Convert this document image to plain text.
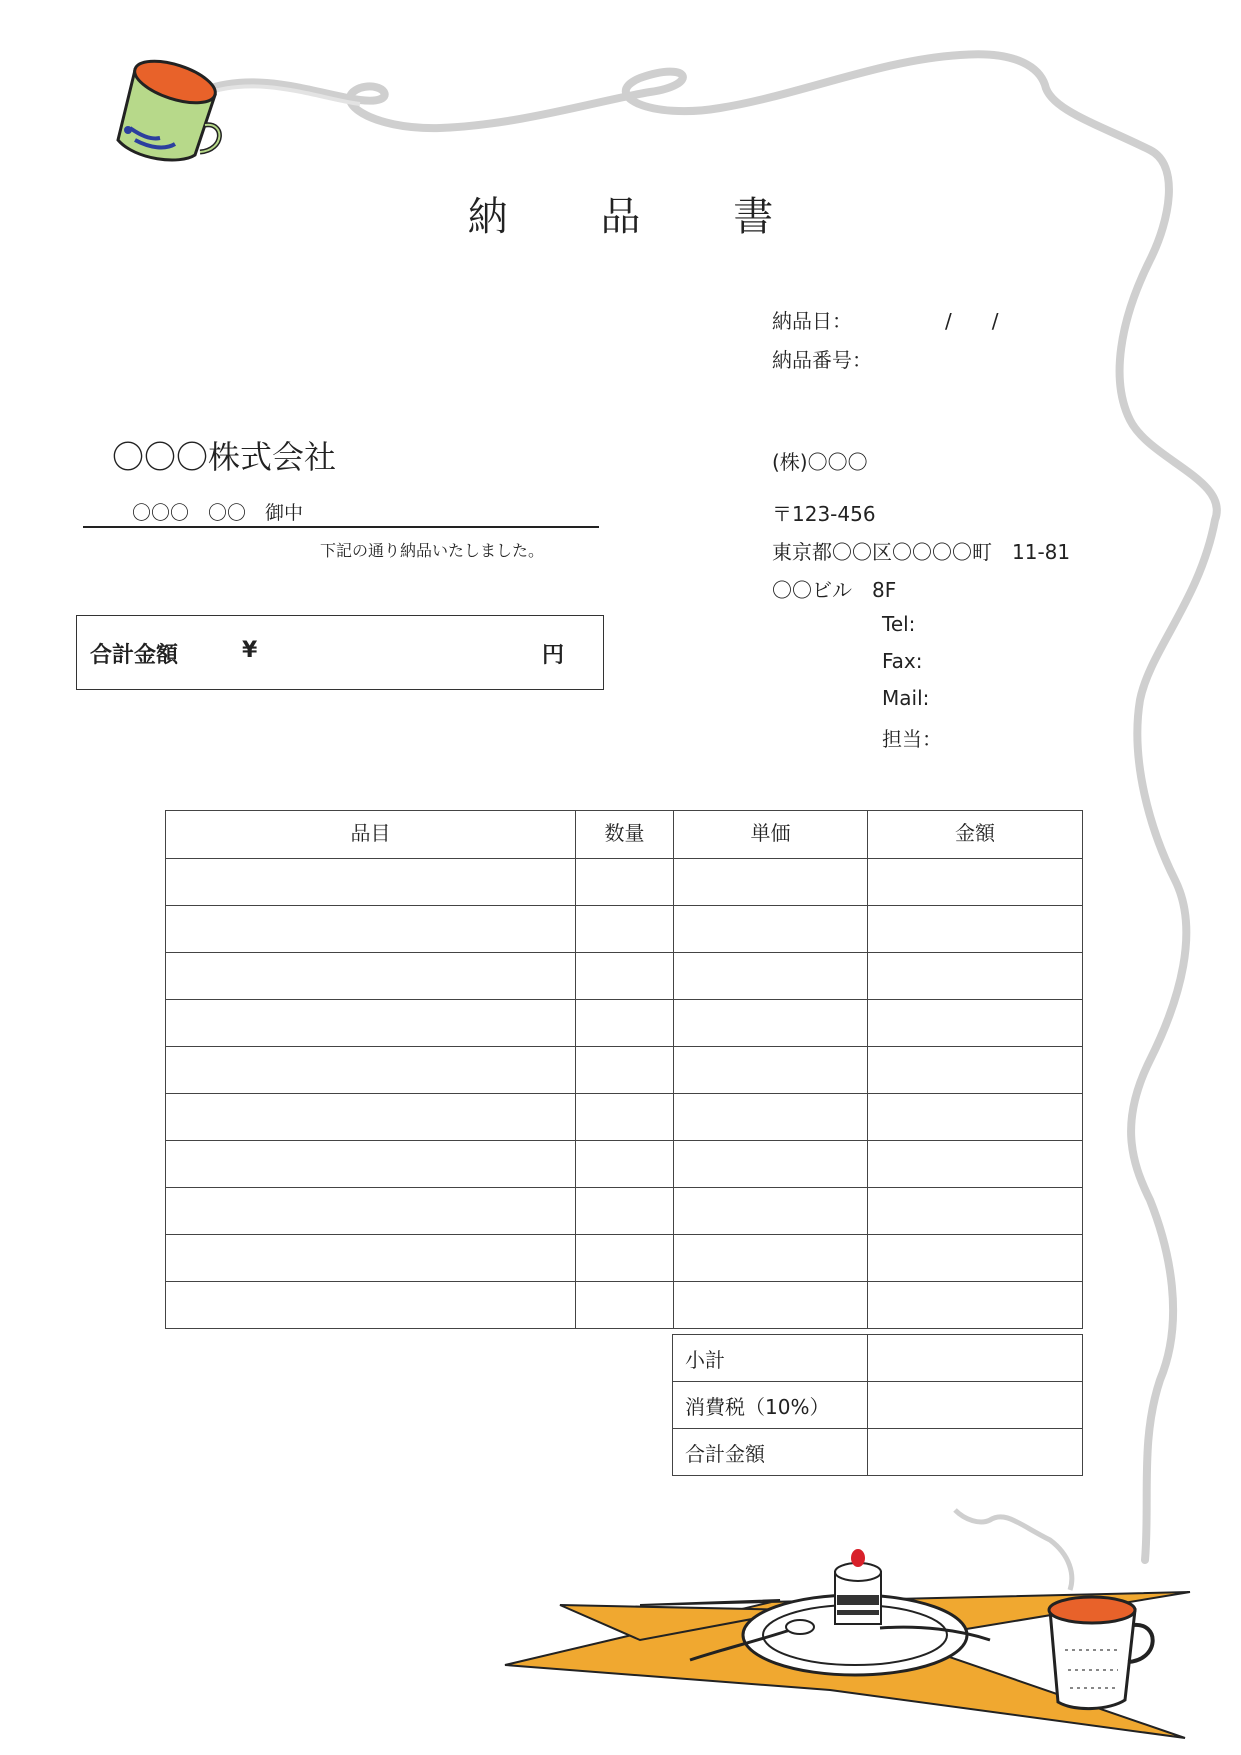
納 品 書
納品日：	/　　/
納品番号：
〇〇〇株式会社
〇〇〇　〇〇　御中
下記の通り納品いたしました。
合計金額	¥	円
(株)〇〇〇
〒123-456
東京都〇〇区〇〇〇〇町　11-81
〇〇ビル　8F
Tel:
Fax:
Mail:
担当：
品目	数量	単価	金額

小計	
消費税（10%）	
合計金額	
